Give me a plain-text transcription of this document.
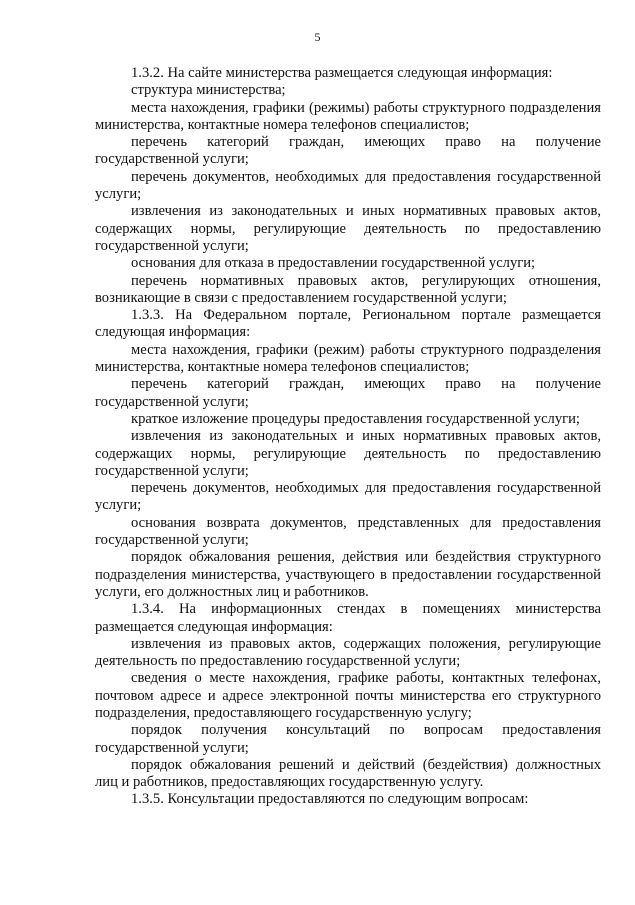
5

1.3.2. На сайте министерства размещается следующая информация:

структура министерства;

места нахождения, графики (режимы) работы структурного подразделения министерства, контактные номера телефонов специалистов;

перечень категорий граждан, имеющих право на получение государственной услуги;

перечень документов, необходимых для предоставления государственной услуги;

извлечения из законодательных и иных нормативных правовых актов, содержащих нормы, регулирующие деятельность по предоставлению государственной услуги;

основания для отказа в предоставлении государственной услуги;

перечень нормативных правовых актов, регулирующих отношения, возникающие в связи с предоставлением государственной услуги;

1.3.3. На Федеральном портале, Региональном портале размещается следующая информация:

места нахождения, графики (режим) работы структурного подразделения министерства, контактные номера телефонов специалистов;

перечень категорий граждан, имеющих право на получение государственной услуги;

краткое изложение процедуры предоставления государственной услуги;

извлечения из законодательных и иных нормативных правовых актов, содержащих нормы, регулирующие деятельность по предоставлению государственной услуги;

перечень документов, необходимых для предоставления государственной услуги;

основания возврата документов, представленных для предоставления государственной услуги;

порядок обжалования решения, действия или бездействия структурного подразделения министерства, участвующего в предоставлении государственной услуги, его должностных лиц и работников.

1.3.4. На информационных стендах в помещениях министерства размещается следующая информация:

извлечения из правовых актов, содержащих положения, регулирующие деятельность по предоставлению государственной услуги;

сведения о месте нахождения, графике работы, контактных телефонах, почтовом адресе и адресе электронной почты министерства его структурного подразделения, предоставляющего государственную услугу;

порядок получения консультаций по вопросам предоставления государственной услуги;

порядок обжалования решений и действий (бездействия) должностных лиц и работников, предоставляющих государственную услугу.

1.3.5. Консультации предоставляются по следующим вопросам:
